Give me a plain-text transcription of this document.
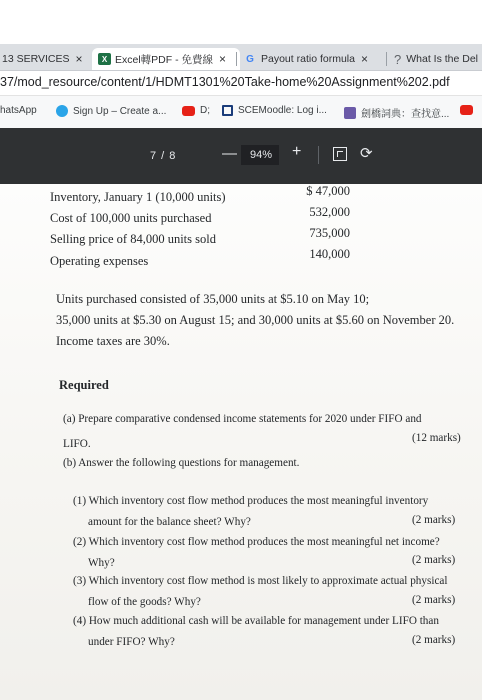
13 SERVICES ×	X Excel轉PDF - 免費線 × G Payout ratio formula × ? What Is the Del
37/mod_resource/content/1/HDMT1301%20Take-home%20Assignment%202.pdf
hatsApp	Sign Up – Create a...	D;	SCEMoodle: Log i...	劍橋詞典：查找意...
7 / 8	— 94% +	⟳
Inventory, January 1 (10,000 units)	$ 47,000
Cost of 100,000 units purchased	532,000
Selling price of 84,000 units sold	735,000
Operating expenses	140,000
Units purchased consisted of 35,000 units at $5.10 on May 10;
35,000 units at $5.30 on August 15; and 30,000 units at $5.60 on November 20.
Income taxes are 30%.
Required
(a) Prepare comparative condensed income statements for 2020 under FIFO and
LIFO.	(12 marks)
(b) Answer the following questions for management.
(1) Which inventory cost flow method produces the most meaningful inventory
amount for the balance sheet? Why?	(2 marks)
(2) Which inventory cost flow method produces the most meaningful net income?
Why?	(2 marks)
(3) Which inventory cost flow method is most likely to approximate actual physical
flow of the goods? Why?	(2 marks)
(4) How much additional cash will be available for management under LIFO than
under FIFO? Why?	(2 marks)
